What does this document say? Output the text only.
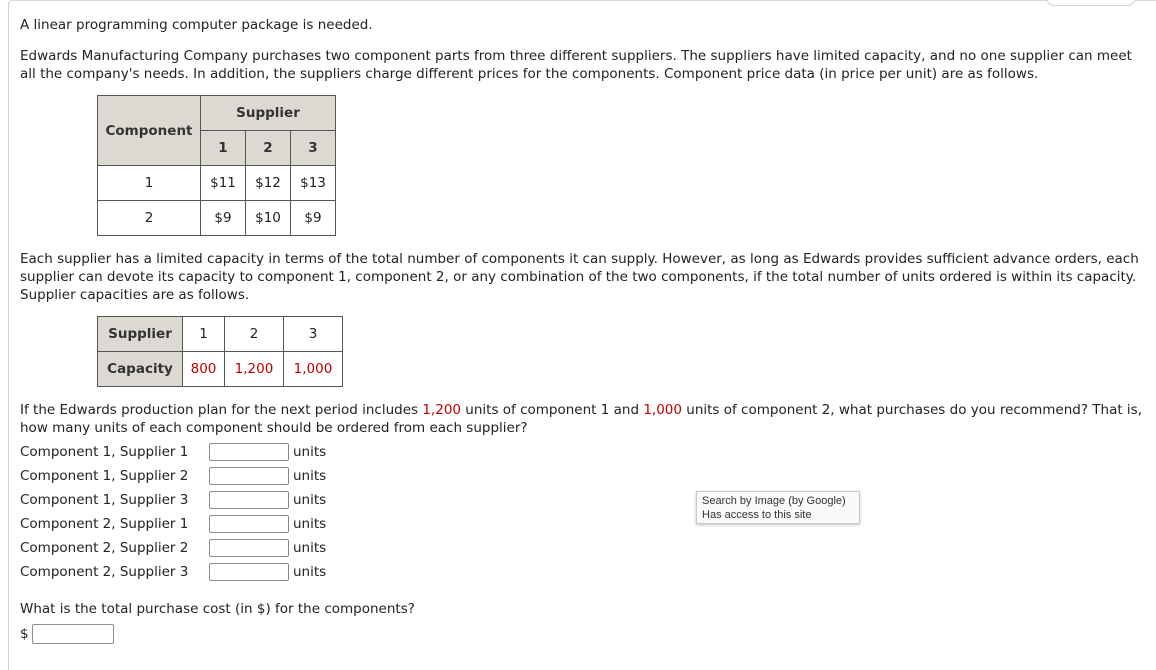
A linear programming computer package is needed.

Edwards Manufacturing Company purchases two component parts from three different suppliers. The suppliers have limited capacity, and no one supplier can meet all the company's needs. In addition, the suppliers charge different prices for the components. Component price data (in price per unit) are as follows.

Component	Supplier		
	1	2	3
1	$11	$12	$13
2	$9	$10	$9

Each supplier has a limited capacity in terms of the total number of components it can supply. However, as long as Edwards provides sufficient advance orders, each supplier can devote its capacity to component 1, component 2, or any combination of the two components, if the total number of units ordered is within its capacity. Supplier capacities are as follows.

Supplier	1	2	3
Capacity	800	1,200	1,000

If the Edwards production plan for the next period includes 1,200 units of component 1 and 1,000 units of component 2, what purchases do you recommend? That is, how many units of each component should be ordered from each supplier?

Component 1, Supplier 1	units
Component 1, Supplier 2	units
Component 1, Supplier 3	units
Component 2, Supplier 1	units
Component 2, Supplier 2	units
Component 2, Supplier 3	units

What is the total purchase cost (in $) for the components?

$
Search by Image (by Google)
Has access to this site
